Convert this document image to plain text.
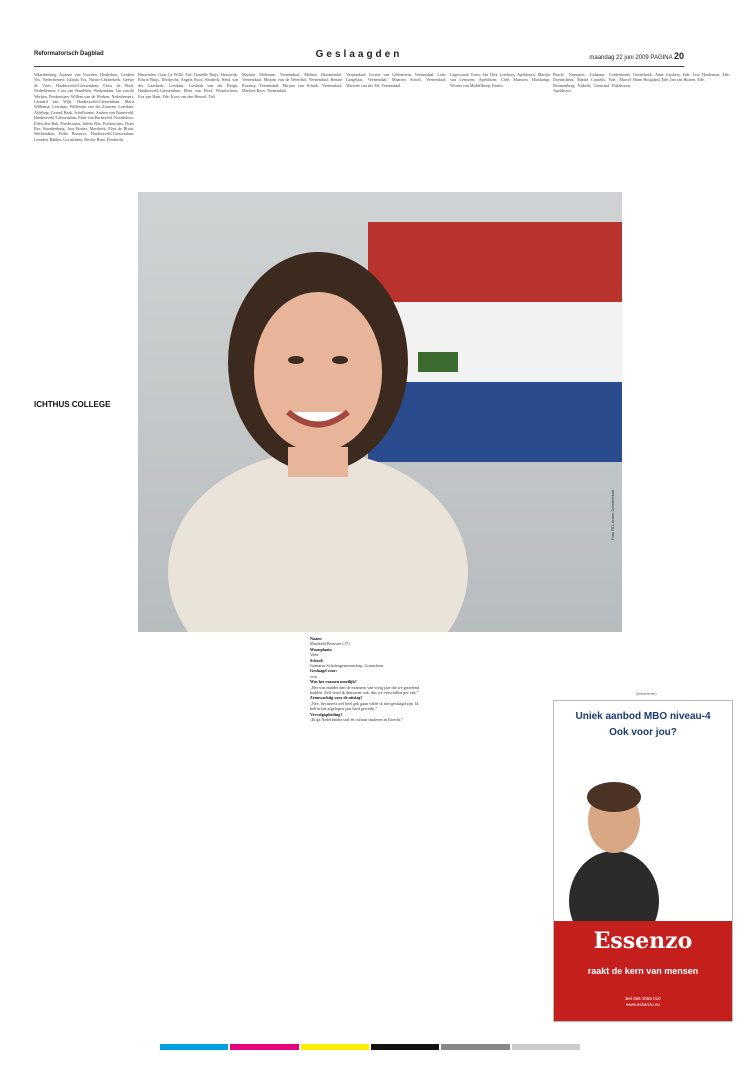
Reformatorisch Dagblad	Geslaagden	maandag 22 juni 2009 PAGINA 20

Waardenburg, Arjanne van Voorden, Houkelum, Gerdien Vos, Nederhemert; Julinda Vos, Nieuw-Lekkerkerk; Geesje de Vries, Hardinxveld-Giessendam; Chris de Waal, Nederhemert; Cora van Wandelen, Werkendam; Jan van de Werken, Poederoijen; Willem van de Werken, Nederhemert; Leonard van Wijk, Hardinxveld-Giessendam; Marit Willemse, Leerdam; Willemijn van der Zouwen, Leerdam. Afdeling: Gerard Baak, Schelluinen; Andrea van Barneveld, Hardinxveld-Giessendam; Eline van Barneveld, Noordeloos; Ellen den Bak, Poederoijen; Jaletta Bos, Poederoijen; Dries Bor, Waardenburg; Joor Bouter, Meerkerk; Elise de Bruin, Werkendam; Fieke Brouwer, Hardinxveld-Giessendam; Leendert Bakker, Gorinchem; Wesley Bunt, Dordrecht.

ICHTHUS COLLEGE

Benwielen; Gaas Ge Wille, Tiel; Daniëlle Buijs, Sleeuwijk; Edwin Buijs, Dordrecht; Angela Boot, Almkerk; Henk van der Gaasbeek, Leerdam; Liesbeth van der Bergh, Hardinxveld-Giessendam; Ellen van Hoof, Woudrichem; Eva van Ham, Ede; Koos van den Heuvel, Tiel.

Martina Molenaar, Veenendaal; Melissa Bloemendal, Veenendaal; Mirjam van de Weerthof, Veenendaal; Renate Rozema, Veenendaal; Mirjam van Schaik, Veenendaal; Marloes Roos, Veenendaal.

Veenendaal; Lorette van Gielenstein, Veenendaal; Lotte Langelaar, Veenendaal; Maarten Scholl, Veenendaal; Mariette van der Tol, Veenendaal.

Lagewaard, Ernst; Jan Dirk Leerhoes, Apeldoorn; Martijn van Leeuwen, Apeldoorn; Chris Maassen, Harskamp; Wouter van Middelkoop, Emelo.

Bosch; Nunspeet; Lidianne Coldenhorne, Doetinchem; Martin Cornelis, Ede; Marcel Doomenberg, Nijkerk; Coenraad Dijkshoorn, Apeldoorn.

Oosterbeek; Anne Gijsbers, Ede; Lise Hardeman, Ede; Harm Hoogland, Ede; Jan van Huizen, Ede.

Foto RD, Anton Dommerholt
Naam:
Machteld Brouwer (17)
Woonplaats:
Veen
School:
Gomarus Scholengemeenschap, Gorinchem
Geslaagd voor:
vwo
Was het examen moeilijk?
„Het was minder dan de examens van vorig jaar die we geoefend hadden. Zelf vond ik duitsoren ook, dus we verschillen per vak.”
Zenuwachtig voor de uitslag?
„Nee, het moest wel heel gek gaan wilde ik niet geslaagd zijn. Ik heb in het afgelopen jaar hard gewerkt.”
Vervolgopleiding?
„Ik ga Nederlandse taal en cultuur studeren in Utrecht.”
(Advertentie)
Uniek aanbod MBO niveau-4
Ook voor jou?
Essenzo
raakt de kern van mensen
Bel 055 2066 010
www.essenzo.nu
